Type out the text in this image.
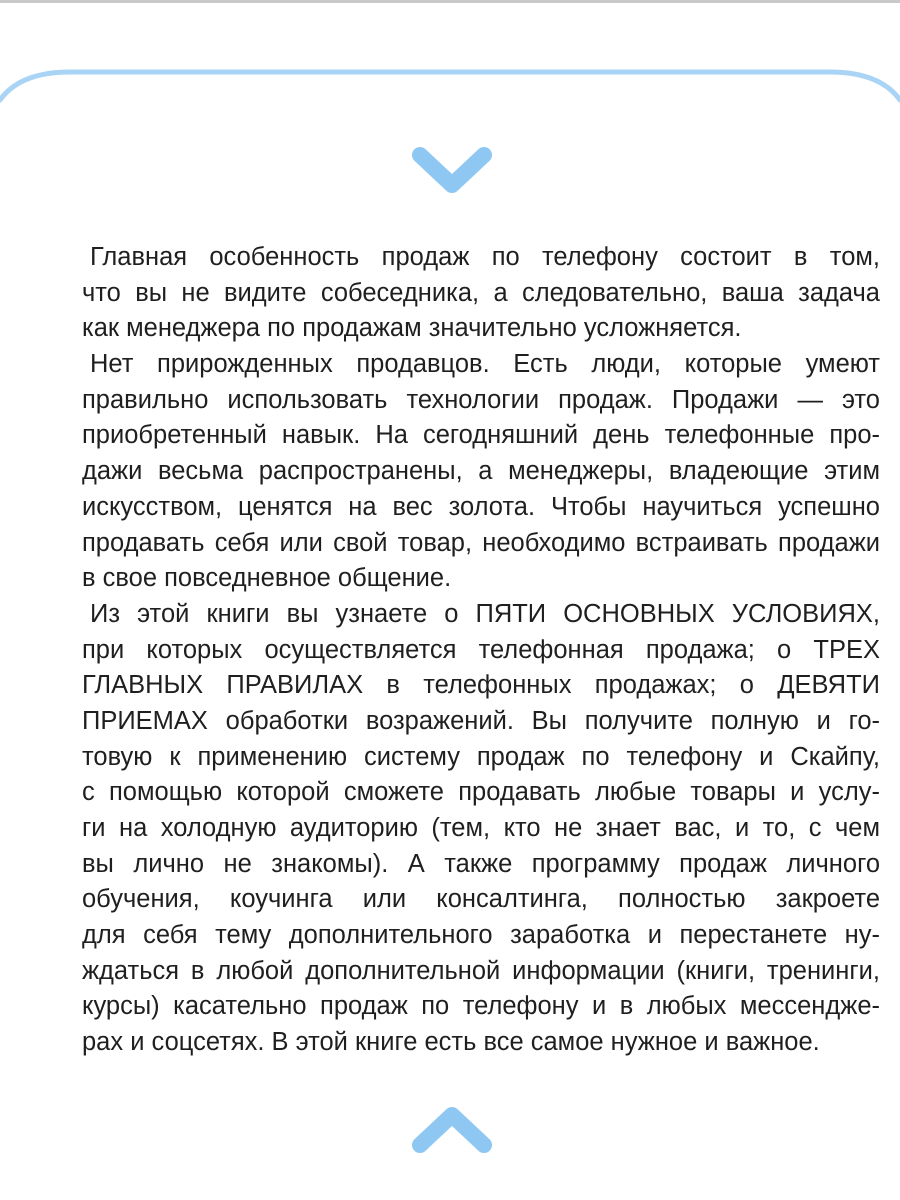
Главная особенность продаж по телефону состоит в том,
что вы не видите собеседника, а следовательно, ваша задача
как менеджера по продажам значительно усложняется.
Нет прирожденных продавцов. Есть люди, которые умеют
правильно использовать технологии продаж. Продажи — это
приобретенный навык. На сегодняшний день телефонные про-
дажи весьма распространены, а менеджеры, владеющие этим
искусством, ценятся на вес золота. Чтобы научиться успешно
продавать себя или свой товар, необходимо встраивать продажи
в свое повседневное общение.
Из этой книги вы узнаете о ПЯТИ ОСНОВНЫХ УСЛОВИЯХ,
при которых осуществляется телефонная продажа; о ТРЕХ
ГЛАВНЫХ ПРАВИЛАХ в телефонных продажах; о ДЕВЯТИ
ПРИЕМАХ обработки возражений. Вы получите полную и го-
товую к применению систему продаж по телефону и Скайпу,
с помощью которой сможете продавать любые товары и услу-
ги на холодную аудиторию (тем, кто не знает вас, и то, с чем
вы лично не знакомы). А также программу продаж личного
обучения, коучинга или консалтинга, полностью закроете
для себя тему дополнительного заработка и перестанете ну-
ждаться в любой дополнительной информации (книги, тренинги,
курсы) касательно продаж по телефону и в любых мессендже-
рах и соцсетях. В этой книге есть все самое нужное и важное.
